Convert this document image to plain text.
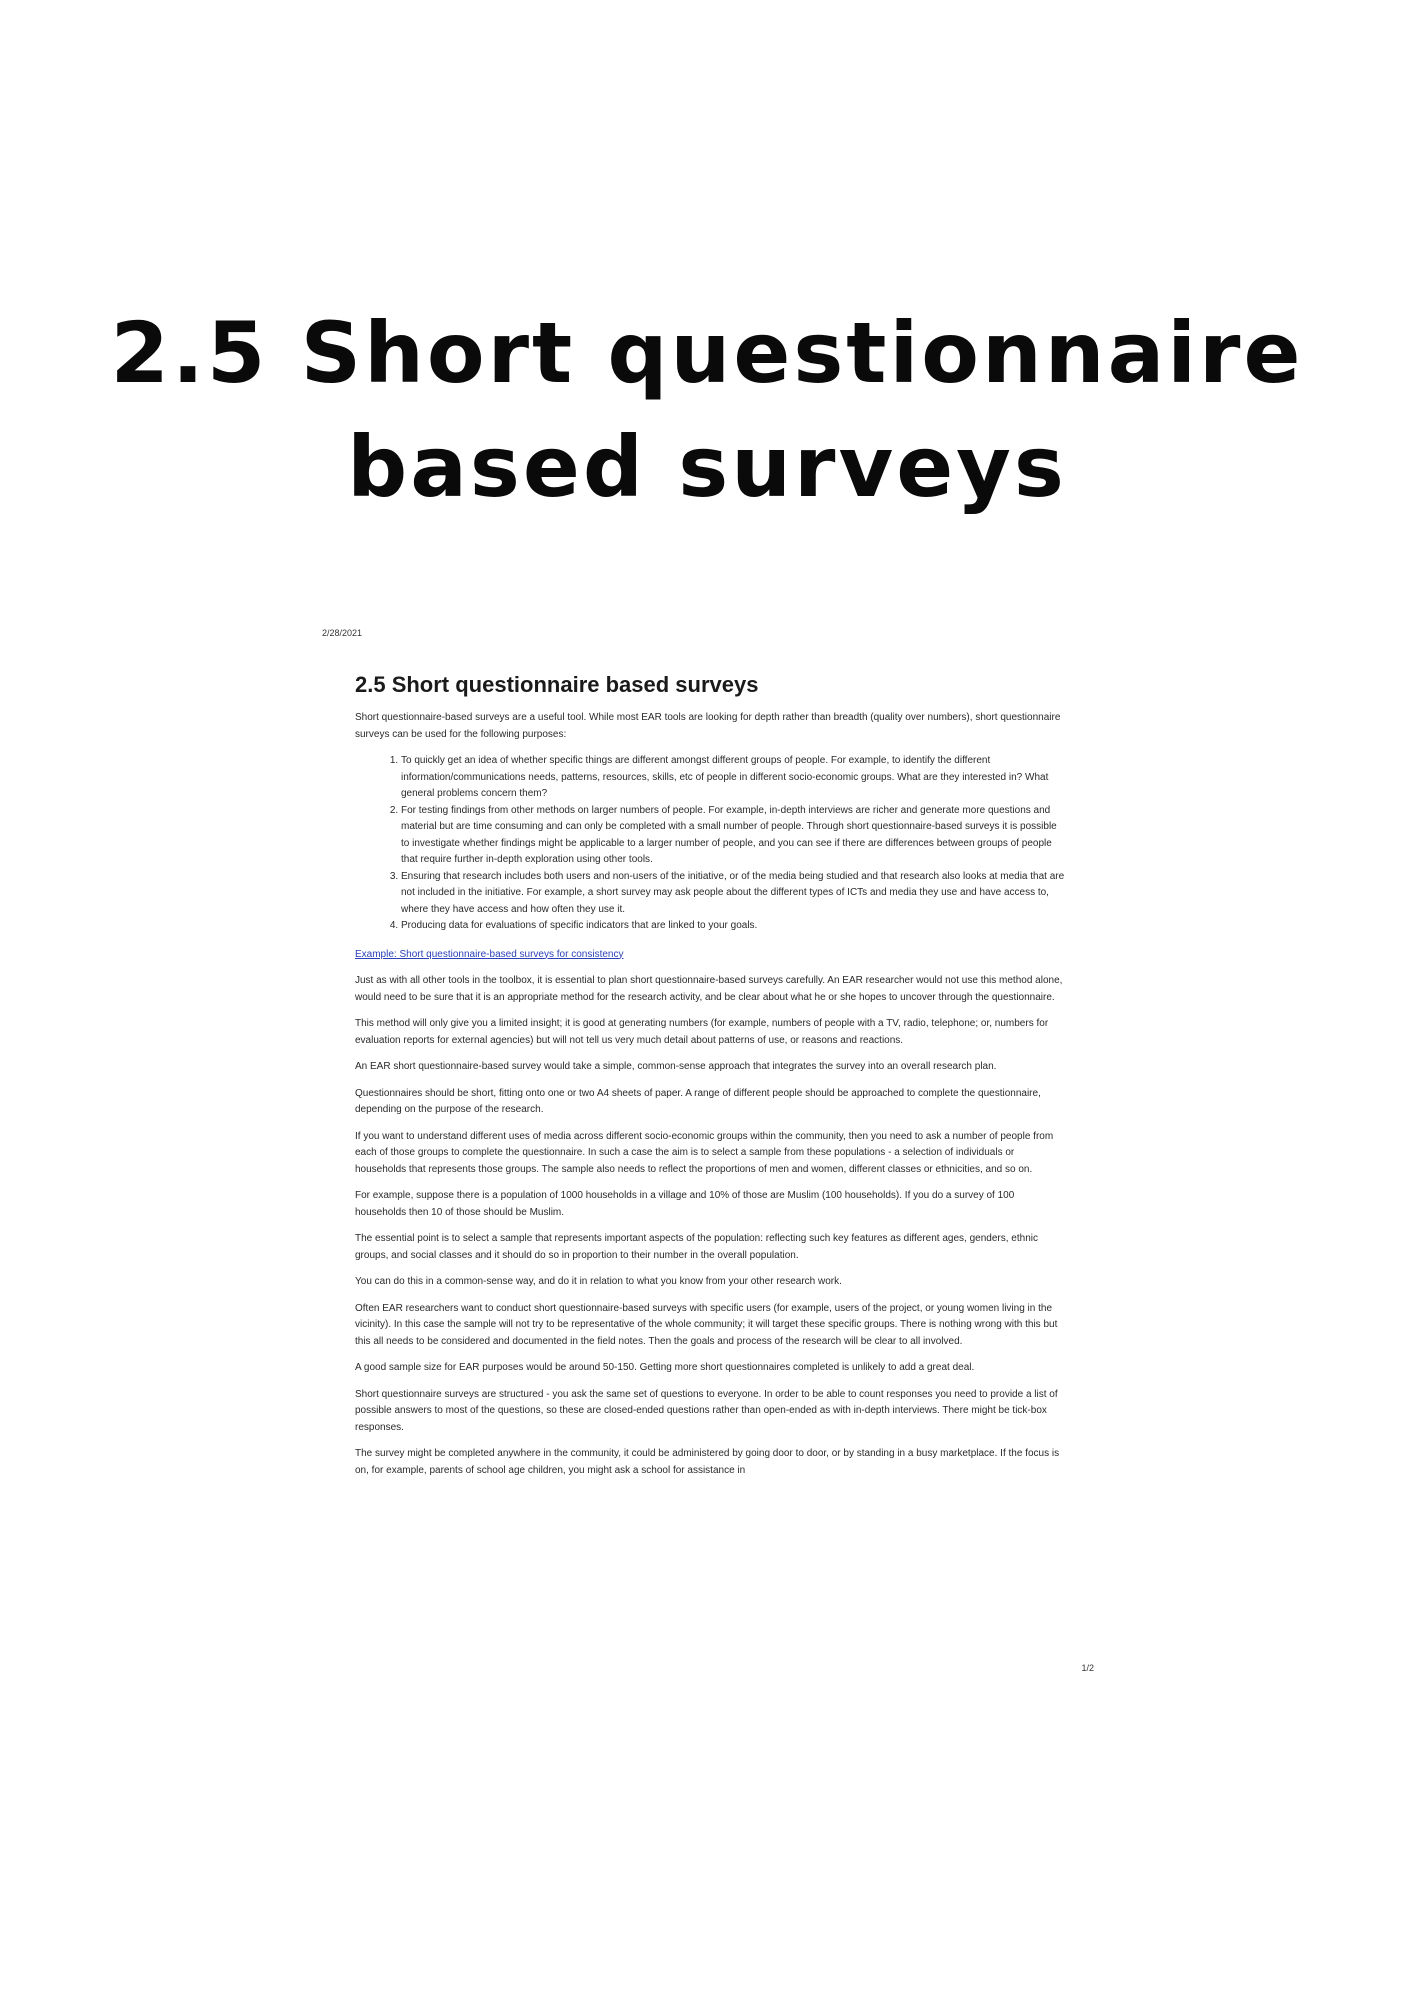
2.5 Short questionnaire based surveys
2/28/2021
2.5 Short questionnaire based surveys

Short questionnaire-based surveys are a useful tool. While most EAR tools are looking for depth rather than breadth (quality over numbers), short questionnaire surveys can be used for the following purposes:

1. To quickly get an idea of whether specific things are different amongst different groups of people. For example, to identify the different information/communications needs, patterns, resources, skills, etc of people in different socio-economic groups. What are they interested in? What general problems concern them?
2. For testing findings from other methods on larger numbers of people. For example, in-depth interviews are richer and generate more questions and material but are time consuming and can only be completed with a small number of people. Through short questionnaire-based surveys it is possible to investigate whether findings might be applicable to a larger number of people, and you can see if there are differences between groups of people that require further in-depth exploration using other tools.
3. Ensuring that research includes both users and non-users of the initiative, or of the media being studied and that research also looks at media that are not included in the initiative. For example, a short survey may ask people about the different types of ICTs and media they use and have access to, where they have access and how often they use it.
4. Producing data for evaluations of specific indicators that are linked to your goals.
Example: Short questionnaire-based surveys for consistency

Just as with all other tools in the toolbox, it is essential to plan short questionnaire-based surveys carefully. An EAR researcher would not use this method alone, would need to be sure that it is an appropriate method for the research activity, and be clear about what he or she hopes to uncover through the questionnaire.

This method will only give you a limited insight; it is good at generating numbers (for example, numbers of people with a TV, radio, telephone; or, numbers for evaluation reports for external agencies) but will not tell us very much detail about patterns of use, or reasons and reactions.

An EAR short questionnaire-based survey would take a simple, common-sense approach that integrates the survey into an overall research plan.

Questionnaires should be short, fitting onto one or two A4 sheets of paper. A range of different people should be approached to complete the questionnaire, depending on the purpose of the research.

If you want to understand different uses of media across different socio-economic groups within the community, then you need to ask a number of people from each of those groups to complete the questionnaire. In such a case the aim is to select a sample from these populations - a selection of individuals or households that represents those groups. The sample also needs to reflect the proportions of men and women, different classes or ethnicities, and so on.

For example, suppose there is a population of 1000 households in a village and 10% of those are Muslim (100 households). If you do a survey of 100 households then 10 of those should be Muslim.

The essential point is to select a sample that represents important aspects of the population: reflecting such key features as different ages, genders, ethnic groups, and social classes and it should do so in proportion to their number in the overall population.

You can do this in a common-sense way, and do it in relation to what you know from your other research work.

Often EAR researchers want to conduct short questionnaire-based surveys with specific users (for example, users of the project, or young women living in the vicinity). In this case the sample will not try to be representative of the whole community; it will target these specific groups. There is nothing wrong with this but this all needs to be considered and documented in the field notes. Then the goals and process of the research will be clear to all involved.

A good sample size for EAR purposes would be around 50-150. Getting more short questionnaires completed is unlikely to add a great deal.

Short questionnaire surveys are structured - you ask the same set of questions to everyone. In order to be able to count responses you need to provide a list of possible answers to most of the questions, so these are closed-ended questions rather than open-ended as with in-depth interviews. There might be tick-box responses.

The survey might be completed anywhere in the community, it could be administered by going door to door, or by standing in a busy marketplace. If the focus is on, for example, parents of school age children, you might ask a school for assistance in

1/2
